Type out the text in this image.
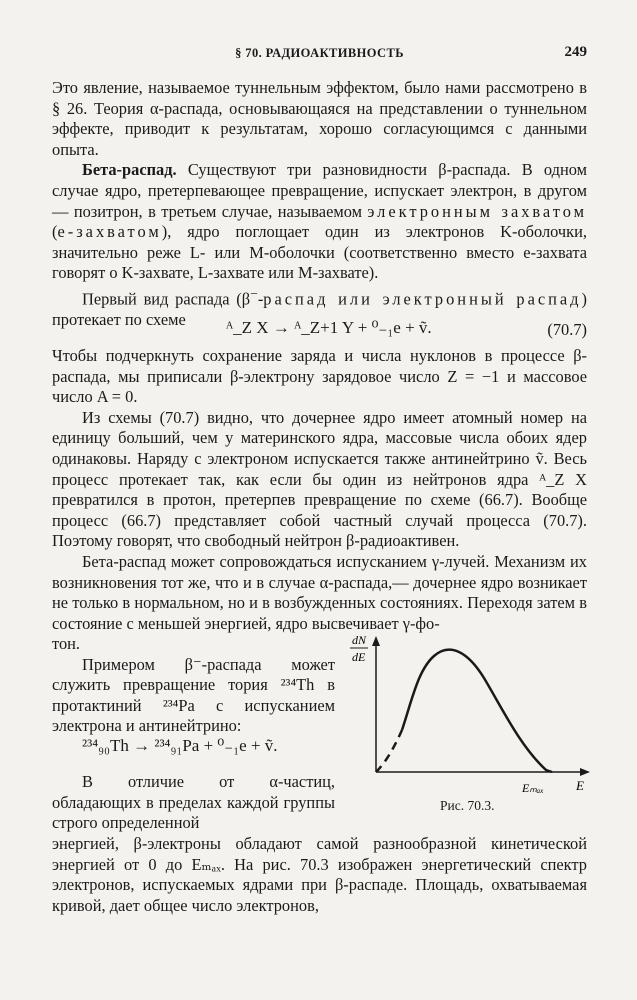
§ 70. РАДИОАКТИВНОСТЬ	249

Это явление, называемое туннельным эффектом, было нами рассмотрено в § 26. Теория α-распада, основывающаяся на представлении о туннельном эффекте, приводит к результатам, хорошо согласующимся с данными опыта.

Бета-распад. Существуют три разновидности β-распада. В одном случае ядро, претерпевающее превращение, испускает электрон, в другом — позитрон, в третьем случае, называемом электронным захватом (e-захватом), ядро поглощает один из электронов K-оболочки, значительно реже L- или M-оболочки (соответственно вместо e-захвата говорят о K-захвате, L-захвате или M-захвате).

Первый вид распада (β−-распад или электронный распад) протекает по схеме	ᴬ_Z X → ᴬ_Z+1 Y + ⁰₋₁e + ṽ.	(70.7)

Чтобы подчеркнуть сохранение заряда и числа нуклонов в процессе β-распада, мы приписали β-электрону зарядовое число Z = −1 и массовое число A = 0.

Из схемы (70.7) видно, что дочернее ядро имеет атомный номер на единицу больший, чем у материнского ядра, массовые числа обоих ядер одинаковы. Наряду с электроном испускается также антинейтрино ṽ. Весь процесс протекает так, как если бы один из нейтронов ядра ᴬ_Z X превратился в протон, претерпев превращение по схеме (66.7). Вообще процесс (66.7) представляет собой частный случай процесса (70.7). Поэтому говорят, что свободный нейтрон β-радиоактивен.

Бета-распад может сопровождаться испусканием γ-лучей. Механизм их возникновения тот же, что и в случае α-распада,— дочернее ядро возникает не только в нормальном, но и в возбужденных состояниях. Переходя затем в состояние с меньшей энергией, ядро высвечивает γ-фо-

тон.

Примером β⁻-распада может служить превращение тория ²³⁴Th в протактиний ²³⁴Pa с испусканием электрона и антинейтрино:

²³⁴₉₀Th → ²³⁴₉₁Pa + ⁰₋₁e + ṽ.

В отличие от α-частиц, обладающих в пределах каждой группы строго определенной

энергией, β-электроны обладают самой разнообразной кинетической энергией от 0 до Eₘₐₓ. На рис. 70.3 изображен энергетический спектр электронов, испускаемых ядрами при β-распаде. Площадь, охватываемая кривой, дает общее число электронов,

dN
dE
Eₘₐₓ E
Рис. 70.3.
